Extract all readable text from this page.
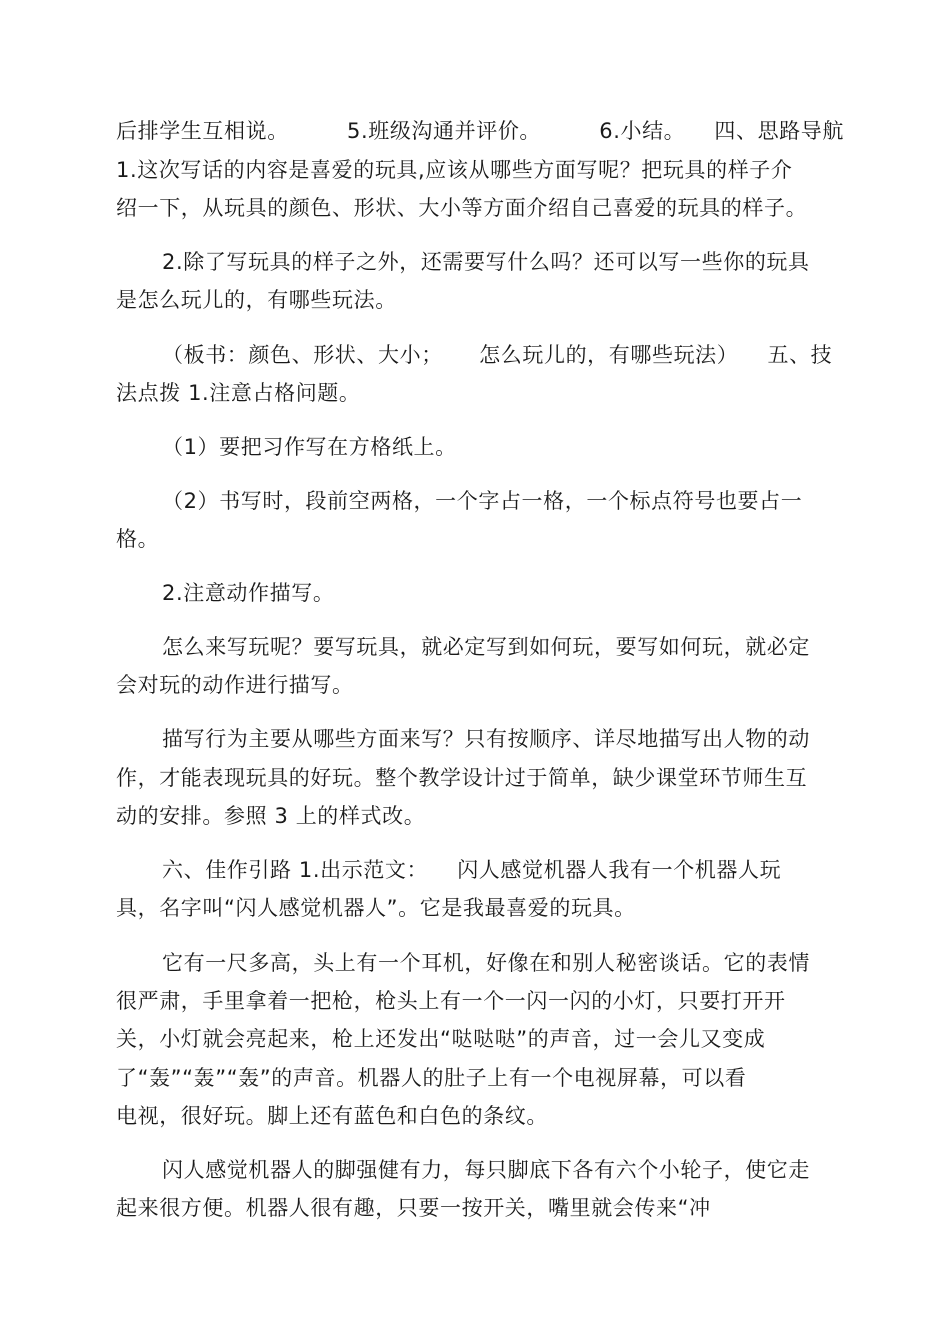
后排学生互相说。        5.班级沟通并评价。        6.小结。    四、思路导航
1.这次写话的内容是喜爱的玩具,应该从哪些方面写呢？把玩具的样子介
绍一下，从玩具的颜色、形状、大小等方面介绍自己喜爱的玩具的样子。
2.除了写玩具的样子之外，还需要写什么吗？还可以写一些你的玩具
是怎么玩儿的，有哪些玩法。
（板书：颜色、形状、大小；     怎么玩儿的，有哪些玩法）    五、技
法点拨 1.注意占格问题。
（1）要把习作写在方格纸上。
（2）书写时，段前空两格，一个字占一格，一个标点符号也要占一
格。
2.注意动作描写。
怎么来写玩呢？要写玩具，就必定写到如何玩，要写如何玩，就必定
会对玩的动作进行描写。
描写行为主要从哪些方面来写？只有按顺序、详尽地描写出人物的动
作，才能表现玩具的好玩。整个教学设计过于简单，缺少课堂环节师生互
动的安排。参照 3 上的样式改。
六、佳作引路 1.出示范文：    闪人感觉机器人我有一个机器人玩
具，名字叫“闪人感觉机器人”。它是我最喜爱的玩具。
它有一尺多高，头上有一个耳机，好像在和别人秘密谈话。它的表情
很严肃，手里拿着一把枪，枪头上有一个一闪一闪的小灯，只要打开开
关，小灯就会亮起来，枪上还发出“哒哒哒”的声音，过一会儿又变成
了“轰”“轰”“轰”的声音。机器人的肚子上有一个电视屏幕，可以看
电视，很好玩。脚上还有蓝色和白色的条纹。
闪人感觉机器人的脚强健有力，每只脚底下各有六个小轮子，使它走
起来很方便。机器人很有趣，只要一按开关，嘴里就会传来“冲
